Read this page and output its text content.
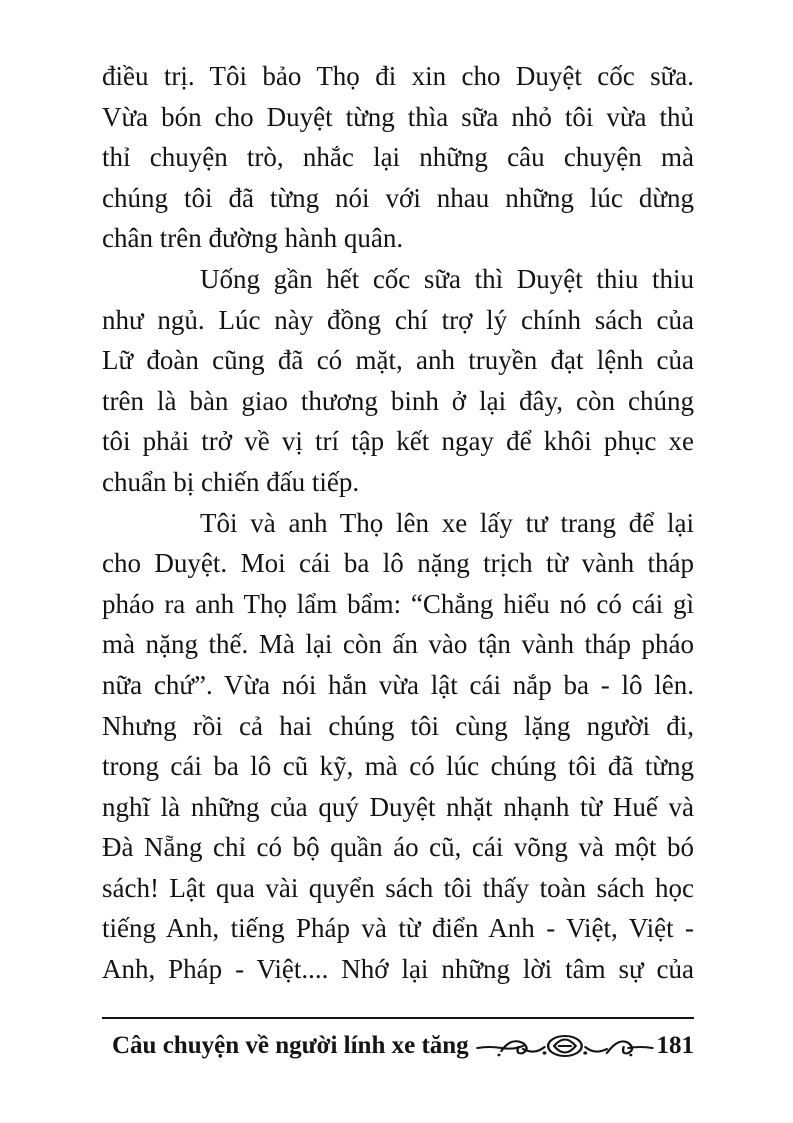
điều trị. Tôi bảo Thọ đi xin cho Duyệt cốc sữa.
Vừa bón cho Duyệt từng thìa sữa nhỏ tôi vừa thủ
thỉ chuyện trò, nhắc lại những câu chuyện mà
chúng tôi đã từng nói với nhau những lúc dừng
chân trên đường hành quân.
Uống gần hết cốc sữa thì Duyệt thiu thiu
như ngủ. Lúc này đồng chí trợ lý chính sách của
Lữ đoàn cũng đã có mặt, anh truyền đạt lệnh của
trên là bàn giao thương binh ở lại đây, còn chúng
tôi phải trở về vị trí tập kết ngay để khôi phục xe
chuẩn bị chiến đấu tiếp.
Tôi và anh Thọ lên xe lấy tư trang để lại
cho Duyệt. Moi cái ba lô nặng trịch từ vành tháp
pháo ra anh Thọ lẩm bẩm: “Chẳng hiểu nó có cái gì
mà nặng thế. Mà lại còn ấn vào tận vành tháp pháo
nữa chứ”. Vừa nói hắn vừa lật cái nắp ba - lô lên.
Nhưng rồi cả hai chúng tôi cùng lặng người đi,
trong cái ba lô cũ kỹ, mà có lúc chúng tôi đã từng
nghĩ là những của quý Duyệt nhặt nhạnh từ Huế và
Đà Nẵng chỉ có bộ quần áo cũ, cái võng và một bó
sách! Lật qua vài quyển sách tôi thấy toàn sách học
tiếng Anh, tiếng Pháp và từ điển Anh - Việt, Việt -
Anh, Pháp - Việt.... Nhớ lại những lời tâm sự của
Câu chuyện về người lính xe tăng	181
